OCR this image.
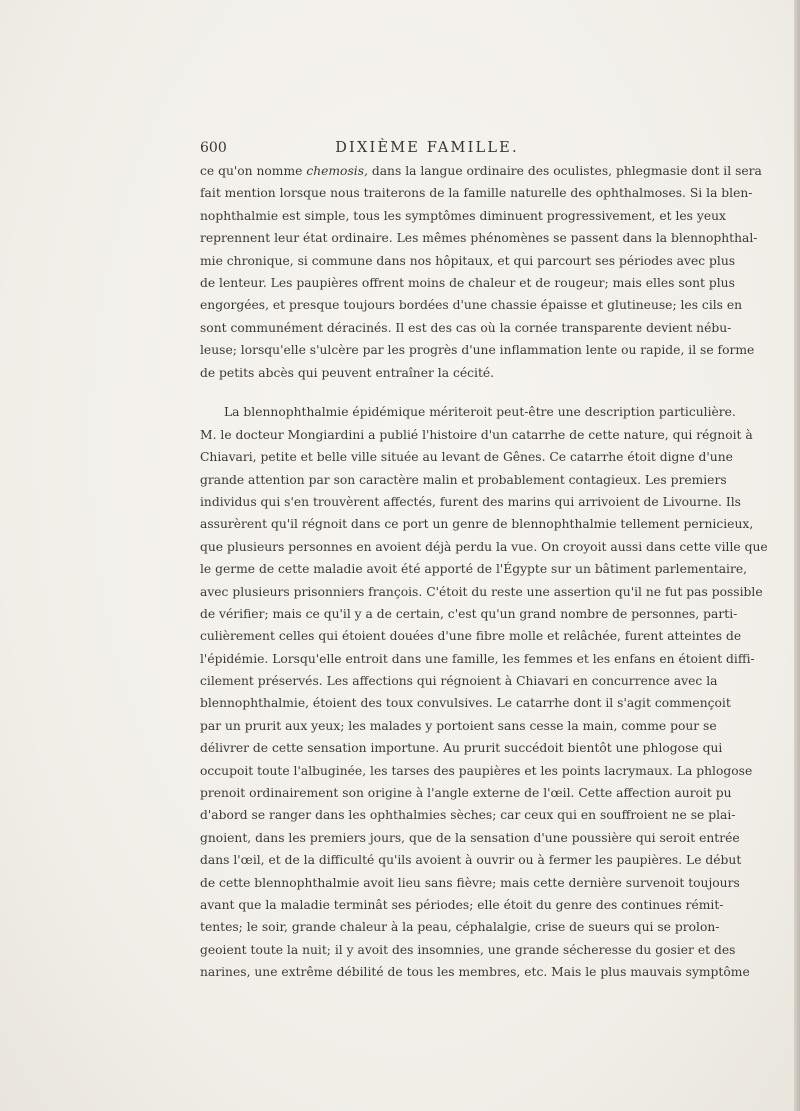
600	DIXIÈME FAMILLE.
ce qu'on nomme chemosis, dans la langue ordinaire des oculistes, phlegmasie dont il sera
fait mention lorsque nous traiterons de la famille naturelle des ophthalmoses. Si la blen-
nophthalmie est simple, tous les symptômes diminuent progressivement, et les yeux
reprennent leur état ordinaire. Les mêmes phénomènes se passent dans la blennophthal-
mie chronique, si commune dans nos hôpitaux, et qui parcourt ses périodes avec plus
de lenteur. Les paupières offrent moins de chaleur et de rougeur; mais elles sont plus
engorgées, et presque toujours bordées d'une chassie épaisse et glutineuse; les cils en
sont communément déracinés. Il est des cas où la cornée transparente devient nébu-
leuse; lorsqu'elle s'ulcère par les progrès d'une inflammation lente ou rapide, il se forme
de petits abcès qui peuvent entraîner la cécité.
La blennophthalmie épidémique mériteroit peut-être une description particulière.
M. le docteur Mongiardini a publié l'histoire d'un catarrhe de cette nature, qui régnoit à
Chiavari, petite et belle ville située au levant de Gênes. Ce catarrhe étoit digne d'une
grande attention par son caractère malin et probablement contagieux. Les premiers
individus qui s'en trouvèrent affectés, furent des marins qui arrivoient de Livourne. Ils
assurèrent qu'il régnoit dans ce port un genre de blennophthalmie tellement pernicieux,
que plusieurs personnes en avoient déjà perdu la vue. On croyoit aussi dans cette ville que
le germe de cette maladie avoit été apporté de l'Égypte sur un bâtiment parlementaire,
avec plusieurs prisonniers françois. C'étoit du reste une assertion qu'il ne fut pas possible
de vérifier; mais ce qu'il y a de certain, c'est qu'un grand nombre de personnes, parti-
culièrement celles qui étoient douées d'une fibre molle et relâchée, furent atteintes de
l'épidémie. Lorsqu'elle entroit dans une famille, les femmes et les enfans en étoient diffi-
cilement préservés. Les affections qui régnoient à Chiavari en concurrence avec la
blennophthalmie, étoient des toux convulsives. Le catarrhe dont il s'agit commençoit
par un prurit aux yeux; les malades y portoient sans cesse la main, comme pour se
délivrer de cette sensation importune. Au prurit succédoit bientôt une phlogose qui
occupoit toute l'albuginée, les tarses des paupières et les points lacrymaux. La phlogose
prenoit ordinairement son origine à l'angle externe de l'œil. Cette affection auroit pu
d'abord se ranger dans les ophthalmies sèches; car ceux qui en souffroient ne se plai-
gnoient, dans les premiers jours, que de la sensation d'une poussière qui seroit entrée
dans l'œil, et de la difficulté qu'ils avoient à ouvrir ou à fermer les paupières. Le début
de cette blennophthalmie avoit lieu sans fièvre; mais cette dernière survenoit toujours
avant que la maladie terminât ses périodes; elle étoit du genre des continues rémit-
tentes; le soir, grande chaleur à la peau, céphalalgie, crise de sueurs qui se prolon-
geoient toute la nuit; il y avoit des insomnies, une grande sécheresse du gosier et des
narines, une extrême débilité de tous les membres, etc. Mais le plus mauvais symptôme
